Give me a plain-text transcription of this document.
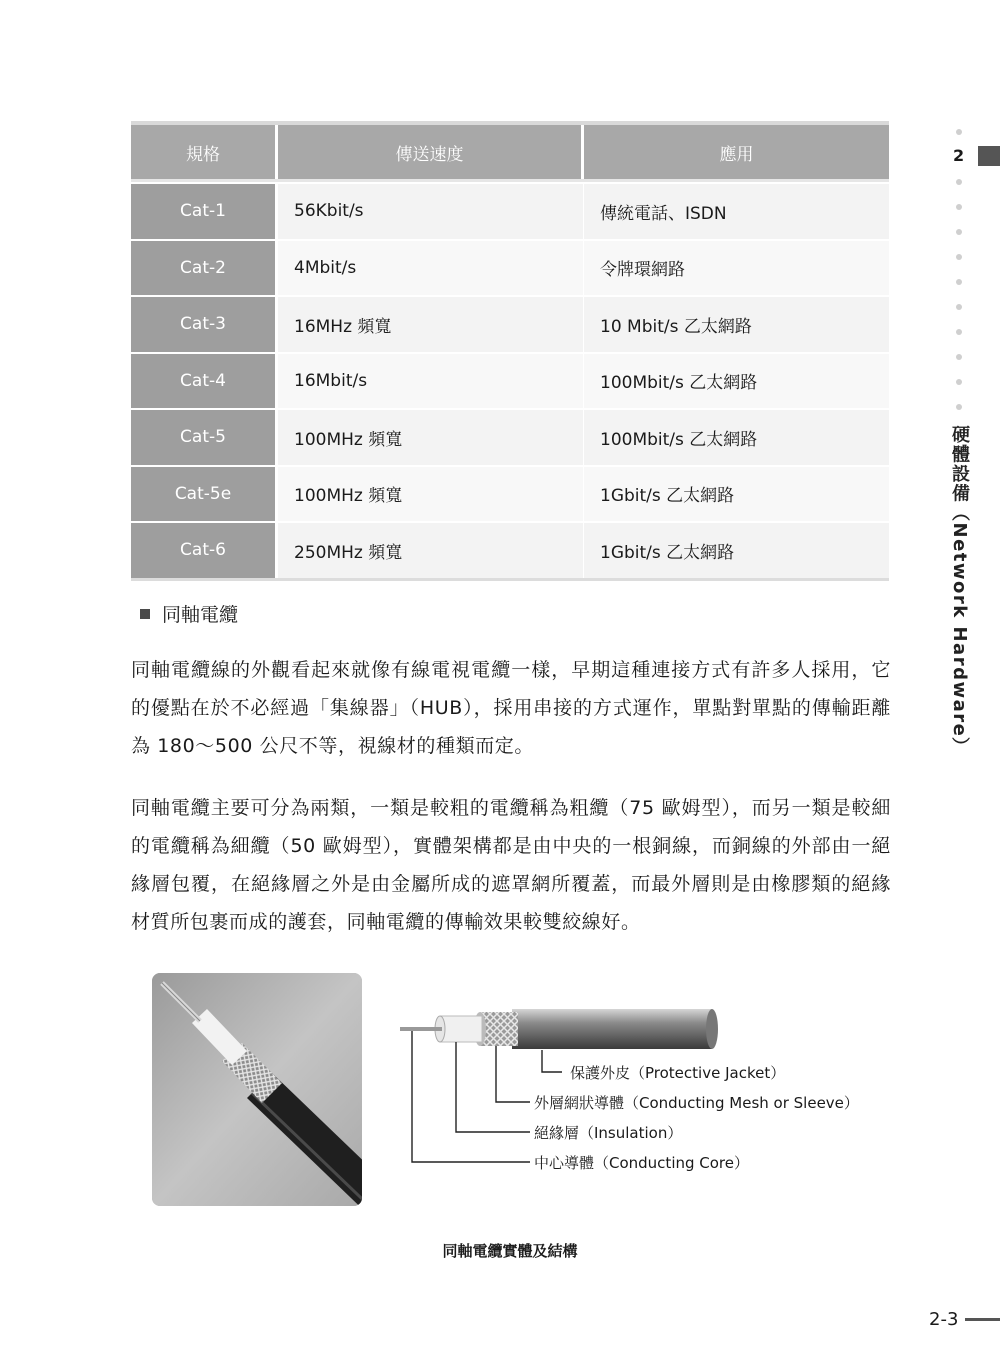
規格	傳送速度	應用
Cat-1	56Kbit/s	傳統電話、ISDN
Cat-2	4Mbit/s	令牌環網路
Cat-3	16MHz 頻寬	10 Mbit/s 乙太網路
Cat-4	16Mbit/s	100Mbit/s 乙太網路
Cat-5	100MHz 頻寬	100Mbit/s 乙太網路
Cat-5e	100MHz 頻寬	1Gbit/s 乙太網路
Cat-6	250MHz 頻寬	1Gbit/s 乙太網路
同軸電纜

同軸電纜線的外觀看起來就像有線電視電纜一樣，早期這種連接方式有許多人採用，它的優點在於不必經過「集線器」（HUB），採用串接的方式運作，單點對單點的傳輸距離為 180～500 公尺不等，視線材的種類而定。

同軸電纜主要可分為兩類，一類是較粗的電纜稱為粗纜（75 歐姆型），而另一類是較細的電纜稱為細纜（50 歐姆型），實體架構都是由中央的一根銅線，而銅線的外部由一絕緣層包覆，在絕緣層之外是由金屬所成的遮罩網所覆蓋，而最外層則是由橡膠類的絕緣材質所包裹而成的護套，同軸電纜的傳輸效果較雙絞線好。

保護外皮（Protective Jacket）
外層網狀導體（Conducting Mesh or Sleeve）
絕緣層（Insulation）
中心導體（Conducting Core）
同軸電纜實體及結構
2
硬體設備（Network Hardware）
2-3
